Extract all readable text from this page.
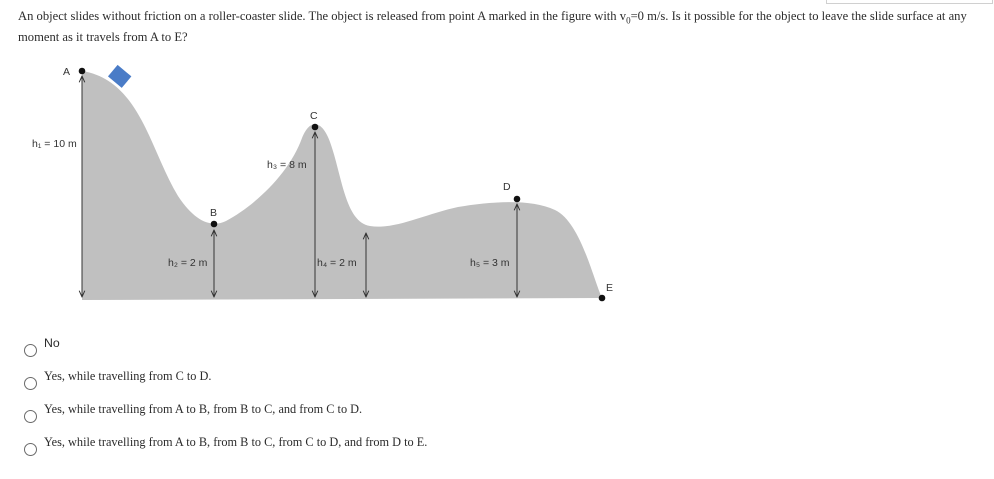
An object slides without friction on a roller-coaster slide. The object is released from point A marked in the figure with $v_0=0$ m/s. Is it possible for the object to leave the slide surface at any moment as it travels from A to E?
A
B
C
D
E
h₁ = 10 m
h₂ = 2 m
h₃ = 8 m
h₄ = 2 m	h₅ = 3 m
No
Yes, while travelling from C to D.
Yes, while travelling from A to B, from B to C, and from C to D.
Yes, while travelling from A to B, from B to C, from C to D, and from D to E.
